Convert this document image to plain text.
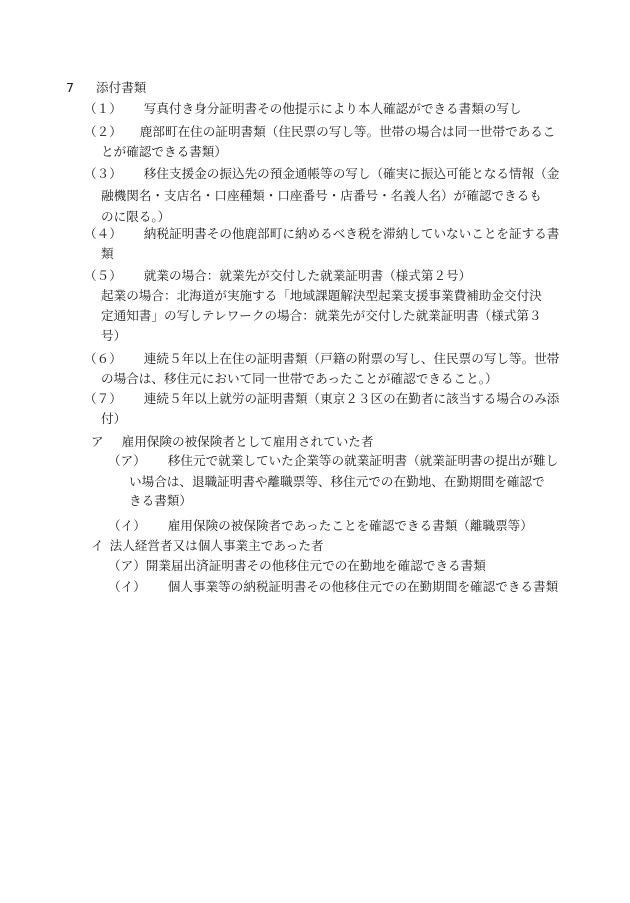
7 添付書類
（１） 写真付き身分証明書その他提示により本人確認ができる書類の写し
（２） 鹿部町在住の証明書類（住民票の写し等。世帯の場合は同一世帯であるこ
とが確認できる書類）
（３） 移住支援金の振込先の預金通帳等の写し（確実に振込可能となる情報（金
融機関名・支店名・口座種類・口座番号・店番号・名義人名）が確認できるも
のに限る。）
（４） 納税証明書その他鹿部町に納めるべき税を滞納していないことを証する書
類
（５） 就業の場合：就業先が交付した就業証明書（様式第２号）
起業の場合：北海道が実施する「地域課題解決型起業支援事業費補助金交付決
定通知書」の写しテレワークの場合：就業先が交付した就業証明書（様式第３
号）
（６） 連続５年以上在住の証明書類（戸籍の附票の写し、住民票の写し等。世帯
の場合は、移住元において同一世帯であったことが確認できること。）
（７） 連続５年以上就労の証明書類（東京２３区の在勤者に該当する場合のみ添
付）
ア 雇用保険の被保険者として雇用されていた者
（ア） 移住元で就業していた企業等の就業証明書（就業証明書の提出が難し
い場合は、退職証明書や離職票等、移住元での在勤地、在勤期間を確認で
きる書類）
（イ） 雇用保険の被保険者であったことを確認できる書類（離職票等）
イ 法人経営者又は個人事業主であった者
（ア）開業届出済証明書その他移住元での在勤地を確認できる書類
（イ） 個人事業等の納税証明書その他移住元での在勤期間を確認できる書類
